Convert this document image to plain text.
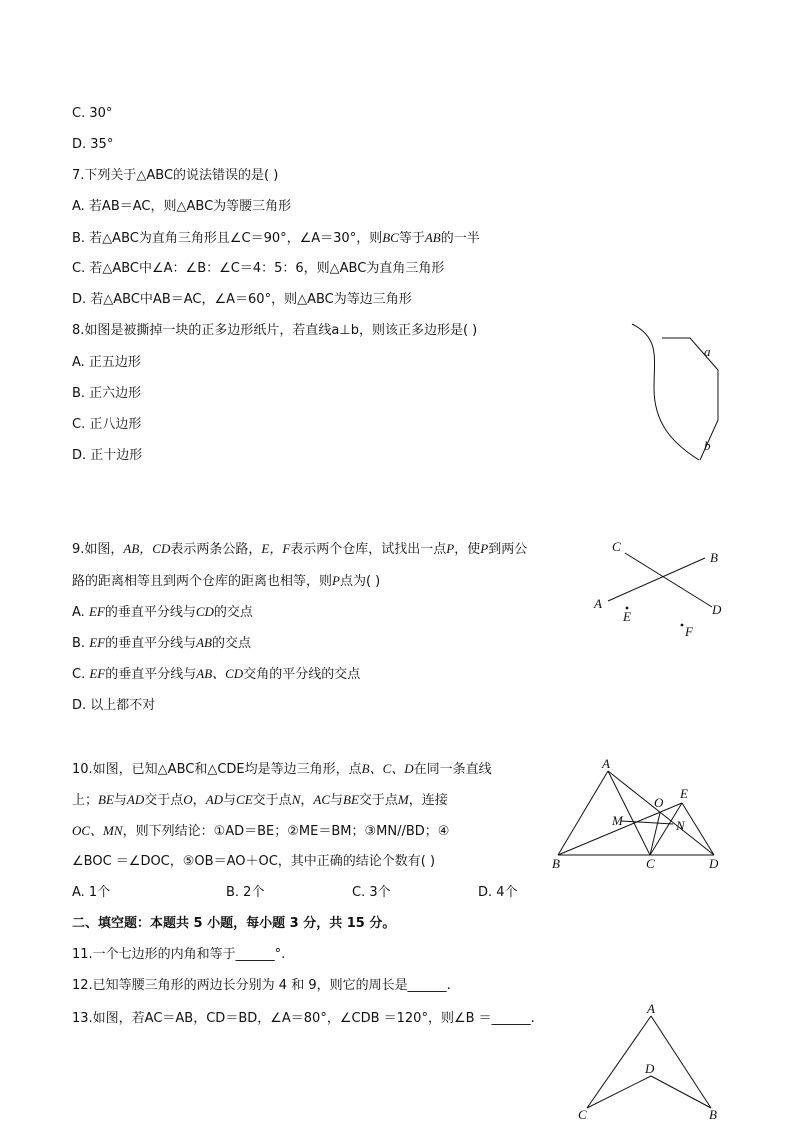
C. 30°
D. 35°
7.下列关于△ABC的说法错误的是( )
A. 若AB＝AC，则△ABC为等腰三角形
B. 若△ABC为直角三角形且∠C＝90°，∠A＝30°，则BC等于AB的一半
C. 若△ABC中∠A：∠B：∠C＝4：5：6，则△ABC为直角三角形
D. 若△ABC中AB＝AC，∠A＝60°，则△ABC为等边三角形
8.如图是被撕掉一块的正多边形纸片，若直线a⊥b，则该正多边形是( )
A. 正五边形
B. 正六边形
C. 正八边形
D. 正十边形
a
b
9.如图，AB，CD表示两条公路，E，F表示两个仓库，试找出一点P，使P到两公
路的距离相等且到两个仓库的距离也相等，则P点为( )
A. EF的垂直平分线与CD的交点
B. EF的垂直平分线与AB的交点
C. EF的垂直平分线与AB、CD交角的平分线的交点
D. 以上都不对
C
B
A
E	D
F
10.如图，已知△ABC和△CDE均是等边三角形，点B、C、D在同一条直线
上；BE与AD交于点O，AD与CE交于点N，AC与BE交于点M，连接
OC、MN，则下列结论：①AD＝BE；②ME＝BM；③MN//BD；④
∠BOC ＝∠DOC，⑤OB＝AO＋OC，其中正确的结论个数有( )
A. 1个	B. 2个	C. 3个	D. 4个
A
E
O
M	N
B	C	D
二、填空题：本题共 5 小题，每小题 3 分，共 15 分。
11.一个七边形的内角和等于______°.
12.已知等腰三角形的两边长分别为 4 和 9，则它的周长是______.
13.如图，若AC＝AB，CD＝BD，∠A＝80°，∠CDB ＝120°，则∠B ＝______.
A
D
C	B
